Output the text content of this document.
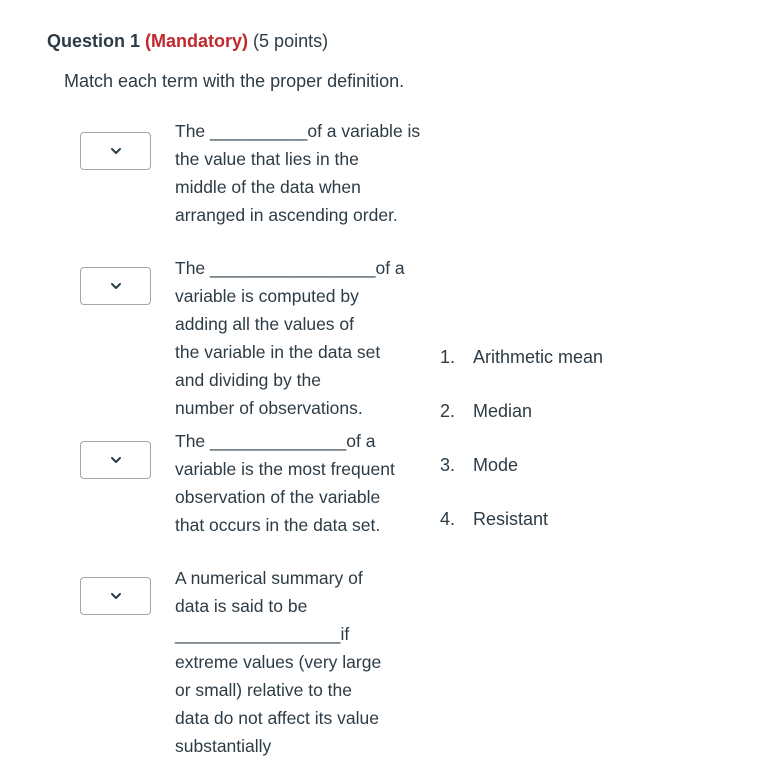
Question 1 (Mandatory) (5 points)
Match each term with the proper definition.
The __________of a variable is
the value that lies in the
middle of the data when
arranged in ascending order.
The _________________of a
variable is computed by
adding all the values of
the variable in the data set
and dividing by the
number of observations.
The ______________of a
variable is the most frequent
observation of the variable
that occurs in the data set.
A numerical summary of
data is said to be
_________________if
extreme values (very large
or small) relative to the
data do not affect its value
substantially
1. Arithmetic mean
2. Median
3. Mode
4. Resistant
